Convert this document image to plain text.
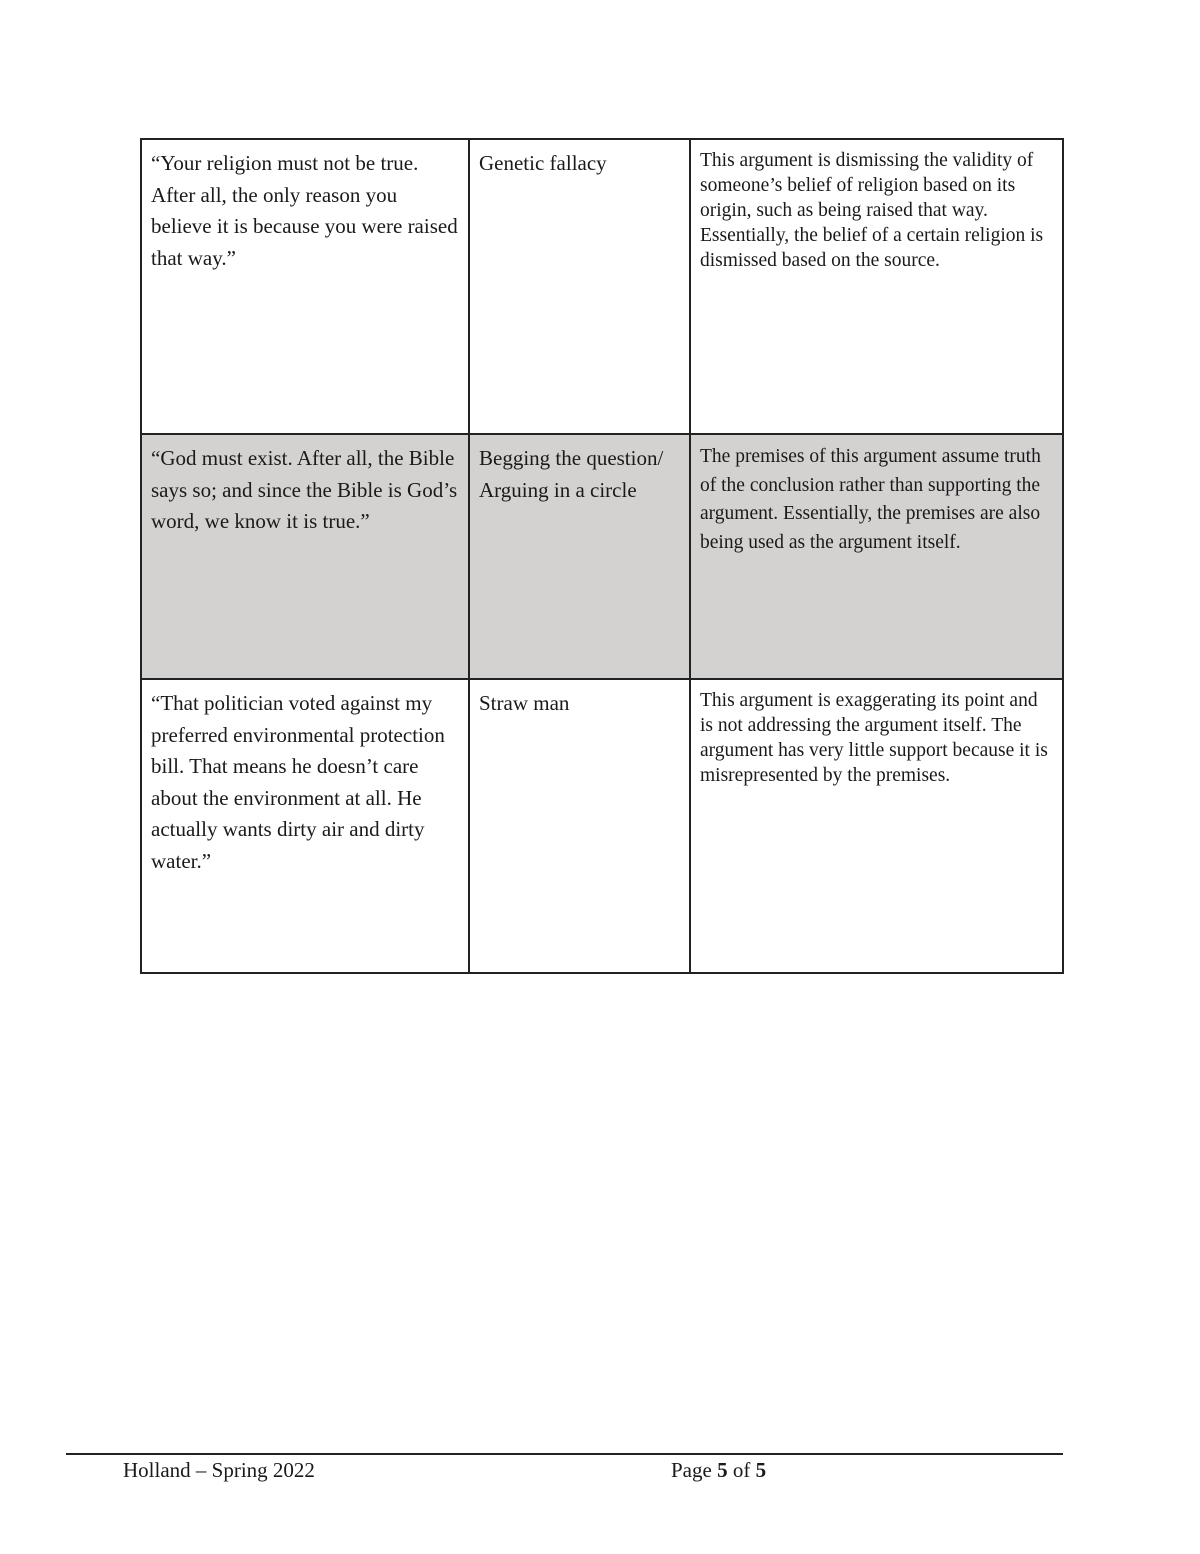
“Your religion must not be true. After all, the only reason you believe it is because you were raised that way.”	Genetic fallacy	This argument is dismissing the validity of someone’s belief of religion based on its origin, such as being raised that way. Essentially, the belief of a certain religion is dismissed based on the source.

“God must exist. After all, the Bible says so; and since the Bible is God’s word, we know it is true.”	Begging the question/ Arguing in a circle	The premises of this argument assume truth of the conclusion rather than supporting the argument. Essentially, the premises are also being used as the argument itself.

“That politician voted against my preferred environmental protection bill. That means he doesn’t care about the environment at all. He actually wants dirty air and dirty water.”	Straw man	This argument is exaggerating its point and is not addressing the argument itself. The argument has very little support because it is misrepresented by the premises.

Holland – Spring 2022	Page 5 of 5
